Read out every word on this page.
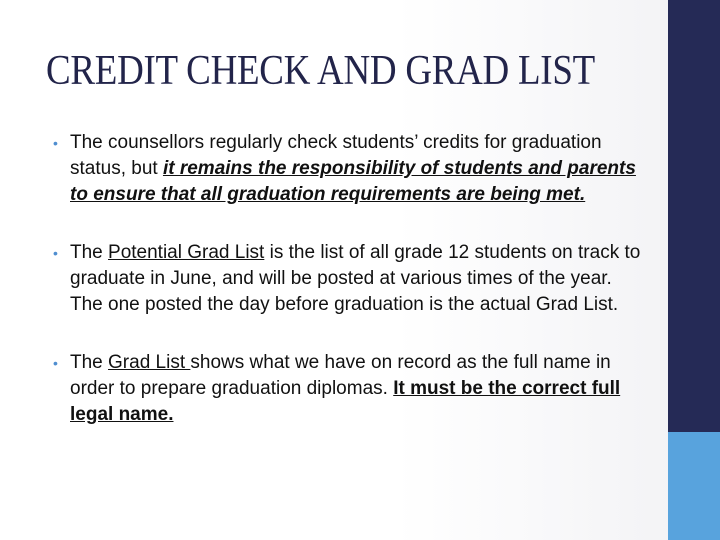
CREDIT CHECK AND GRAD LIST
• The counsellors regularly check students’ credits for graduation status, but it remains the responsibility of students and parents to ensure that all graduation requirements are being met.
• The Potential Grad List is the list of all grade 12 students on track to graduate in June, and will be posted at various times of the year. The one posted the day before graduation is the actual Grad List.
• The Grad List shows what we have on record as the full name in order to prepare graduation diplomas. It must be the correct full legal name.
